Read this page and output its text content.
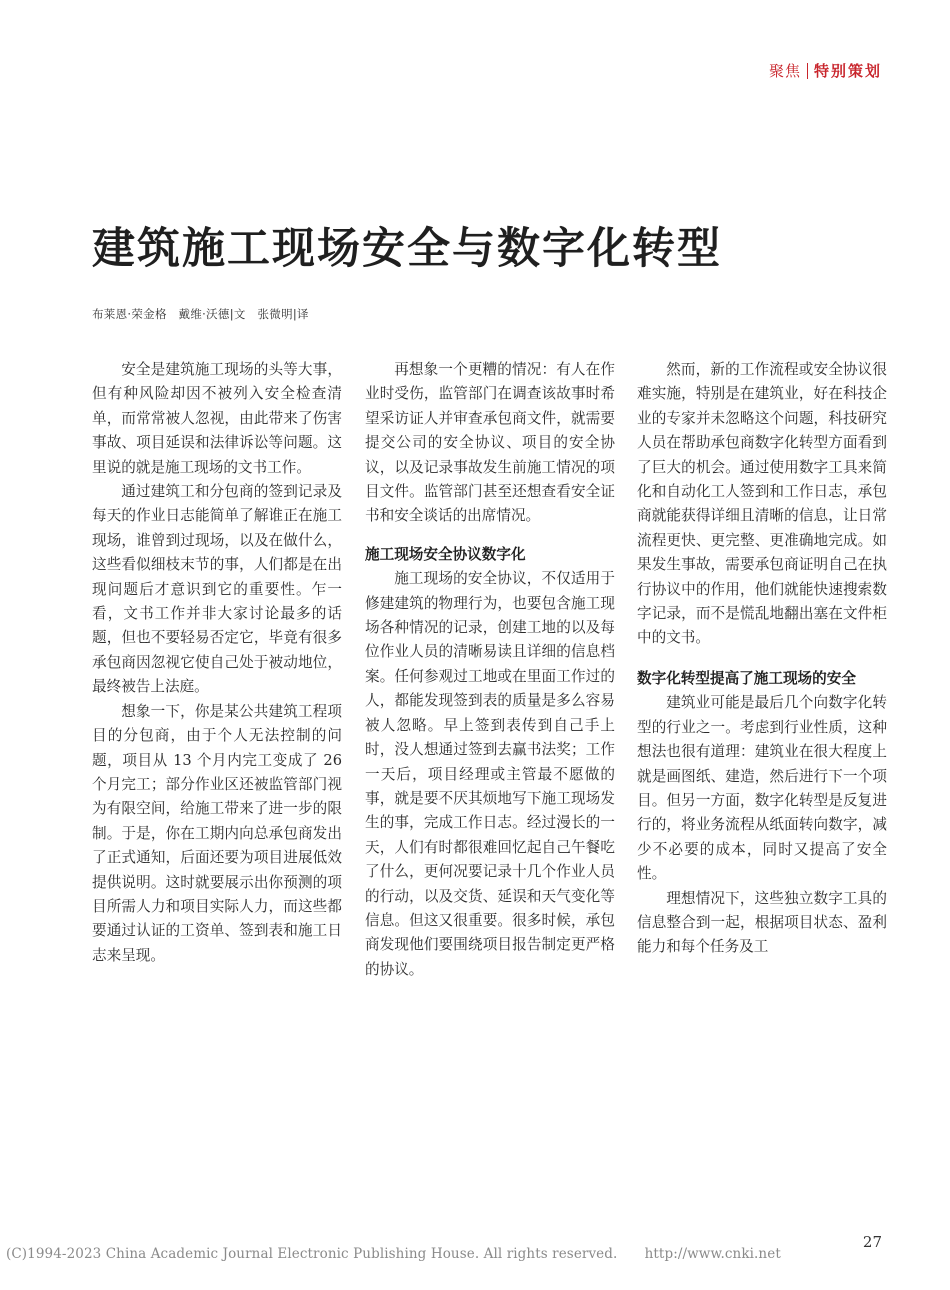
聚焦 特别策划
建筑施工现场安全与数字化转型
布莱恩·荣金格　戴维·沃德|文　张微明|译

安全是建筑施工现场的头等大事，但有种风险却因不被列入安全检查清单，而常常被人忽视，由此带来了伤害事故、项目延误和法律诉讼等问题。这里说的就是施工现场的文书工作。

通过建筑工和分包商的签到记录及每天的作业日志能简单了解谁正在施工现场，谁曾到过现场，以及在做什么，这些看似细枝末节的事，人们都是在出现问题后才意识到它的重要性。乍一看，文书工作并非大家讨论最多的话题，但也不要轻易否定它，毕竟有很多承包商因忽视它使自己处于被动地位，最终被告上法庭。

想象一下，你是某公共建筑工程项目的分包商，由于个人无法控制的问题，项目从 13 个月内完工变成了 26 个月完工；部分作业区还被监管部门视为有限空间，给施工带来了进一步的限制。于是，你在工期内向总承包商发出了正式通知，后面还要为项目进展低效提供说明。这时就要展示出你预测的项目所需人力和项目实际人力，而这些都要通过认证的工资单、签到表和施工日志来呈现。

再想象一个更糟的情况：有人在作业时受伤，监管部门在调查该故事时希望采访证人并审查承包商文件，就需要提交公司的安全协议、项目的安全协议，以及记录事故发生前施工情况的项目文件。监管部门甚至还想查看安全证书和安全谈话的出席情况。

施工现场安全协议数字化

施工现场的安全协议，不仅适用于修建建筑的物理行为，也要包含施工现场各种情况的记录，创建工地的以及每位作业人员的清晰易读且详细的信息档案。任何参观过工地或在里面工作过的人，都能发现签到表的质量是多么容易被人忽略。早上签到表传到自己手上时，没人想通过签到去赢书法奖；工作一天后，项目经理或主管最不愿做的事，就是要不厌其烦地写下施工现场发生的事，完成工作日志。经过漫长的一天，人们有时都很难回忆起自己午餐吃了什么，更何况要记录十几个作业人员的行动，以及交货、延误和天气变化等信息。但这又很重要。很多时候，承包商发现他们要围绕项目报告制定更严格的协议。

然而，新的工作流程或安全协议很难实施，特别是在建筑业，好在科技企业的专家并未忽略这个问题，科技研究人员在帮助承包商数字化转型方面看到了巨大的机会。通过使用数字工具来简化和自动化工人签到和工作日志，承包商就能获得详细且清晰的信息，让日常流程更快、更完整、更准确地完成。如果发生事故，需要承包商证明自己在执行协议中的作用，他们就能快速搜索数字记录，而不是慌乱地翻出塞在文件柜中的文书。

数字化转型提高了施工现场的安全

建筑业可能是最后几个向数字化转型的行业之一。考虑到行业性质，这种想法也很有道理：建筑业在很大程度上就是画图纸、建造，然后进行下一个项目。但另一方面，数字化转型是反复进行的，将业务流程从纸面转向数字，减少不必要的成本，同时又提高了安全性。

理想情况下，这些独立数字工具的信息整合到一起，根据项目状态、盈利能力和每个任务及工

(C)1994-2023 China Academic Journal Electronic Publishing House. All rights reserved.　　http://www.cnki.net
27
